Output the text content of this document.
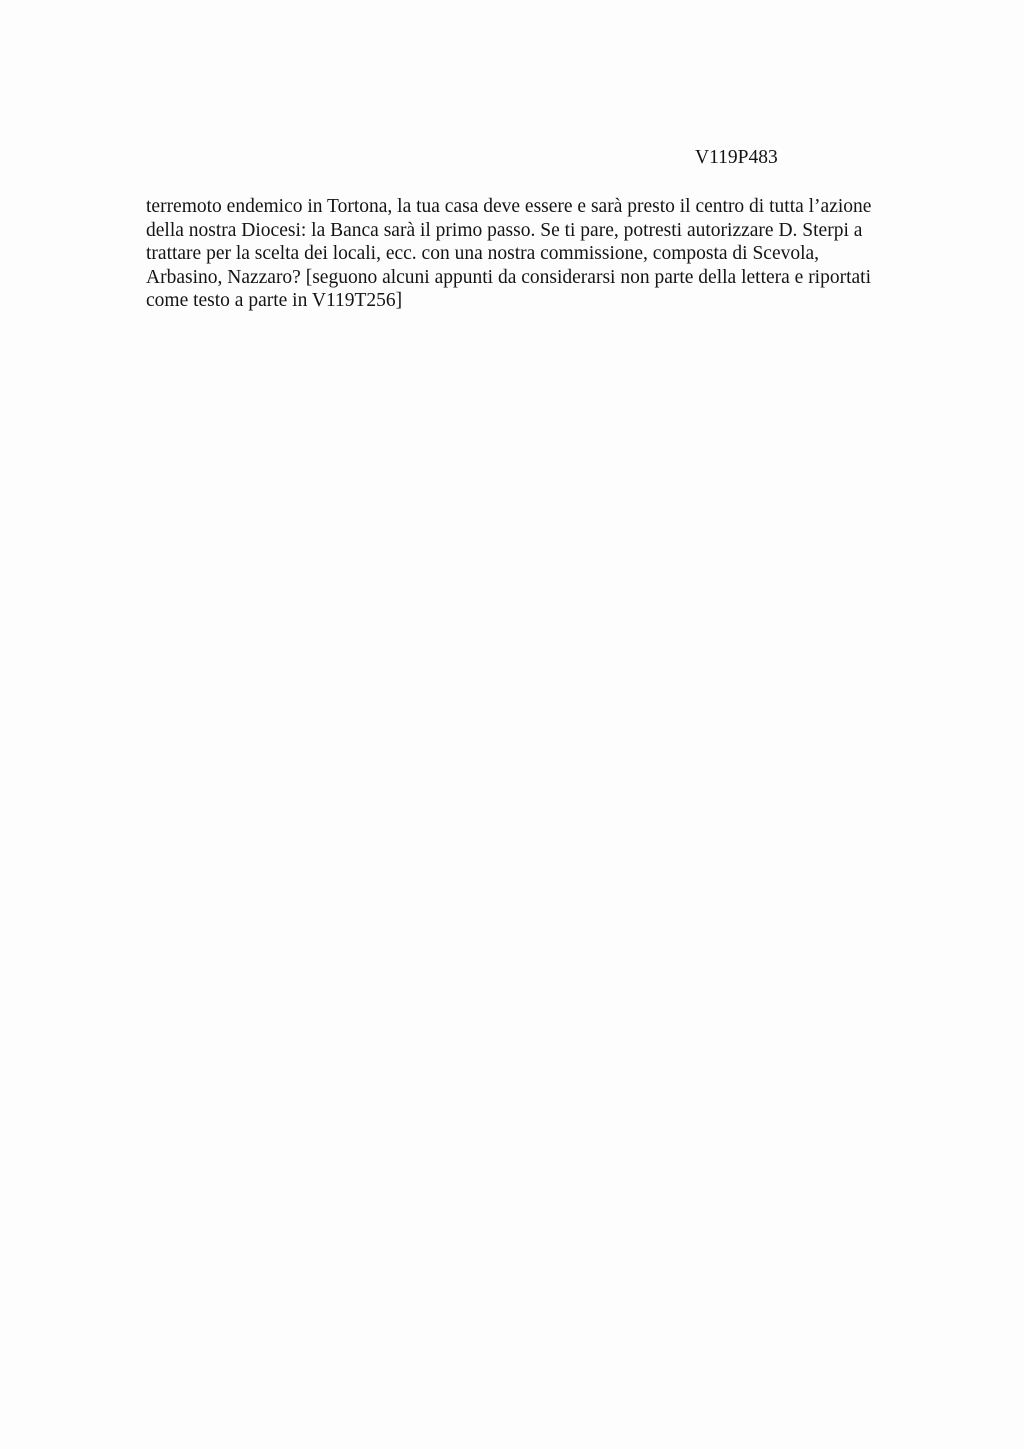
V119P483

terremoto endemico in Tortona, la tua casa deve essere e sarà presto il centro di tutta l’azione
della nostra Diocesi: la Banca sarà il primo passo. Se ti pare, potresti autorizzare D. Sterpi a
trattare per la scelta dei locali, ecc. con una nostra commissione, composta di Scevola,
Arbasino, Nazzaro? [seguono alcuni appunti da considerarsi non parte della lettera e riportati
come testo a parte in V119T256]
